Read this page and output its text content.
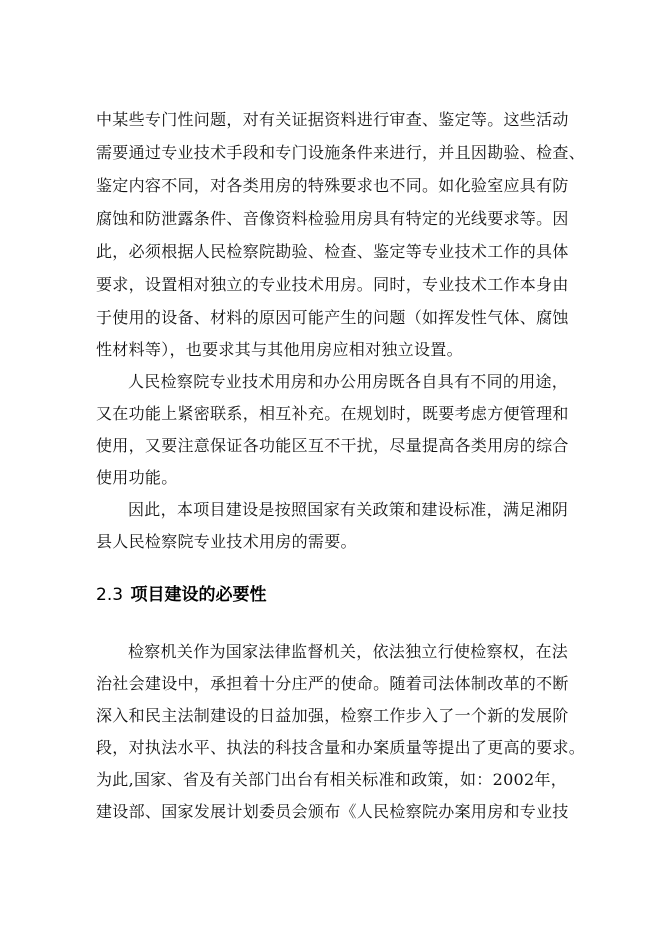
中某些专门性问题，对有关证据资料进行审查、鉴定等。这些活动
需要通过专业技术手段和专门设施条件来进行，并且因勘验、检查、
鉴定内容不同，对各类用房的特殊要求也不同。如化验室应具有防
腐蚀和防泄露条件、音像资料检验用房具有特定的光线要求等。因
此，必须根据人民检察院勘验、检查、鉴定等专业技术工作的具体
要求，设置相对独立的专业技术用房。同时，专业技术工作本身由
于使用的设备、材料的原因可能产生的问题（如挥发性气体、腐蚀
性材料等），也要求其与其他用房应相对独立设置。
人民检察院专业技术用房和办公用房既各自具有不同的用途，
又在功能上紧密联系，相互补充。在规划时，既要考虑方便管理和
使用，又要注意保证各功能区互不干扰，尽量提高各类用房的综合
使用功能。
因此，本项目建设是按照国家有关政策和建设标准，满足湘阴
县人民检察院专业技术用房的需要。
2.3 项目建设的必要性
检察机关作为国家法律监督机关，依法独立行使检察权，在法
治社会建设中，承担着十分庄严的使命。随着司法体制改革的不断
深入和民主法制建设的日益加强，检察工作步入了一个新的发展阶
段，对执法水平、执法的科技含量和办案质量等提出了更高的要求。
为此,国家、省及有关部门出台有相关标准和政策，如：2002年，
建设部、国家发展计划委员会颁布《人民检察院办案用房和专业技
